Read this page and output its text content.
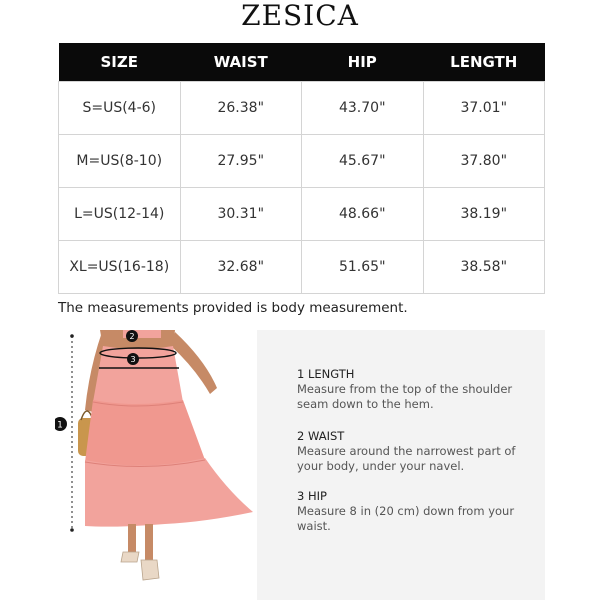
ZESICA
SIZE	WAIST	HIP	LENGTH
S=US(4-6)	26.38"	43.70"	37.01"
M=US(8-10)	27.95"	45.67"	37.80"
L=US(12-14)	30.31"	48.66"	38.19"
XL=US(16-18)	32.68"	51.65"	38.58"
The measurements provided is body measurement.
1
2
3
1 LENGTH
Measure from the top of the shoulder seam down to the hem.
2 WAIST
Measure around the narrowest part of your body, under your navel.
3 HIP
Measure 8 in (20 cm) down from your waist.
